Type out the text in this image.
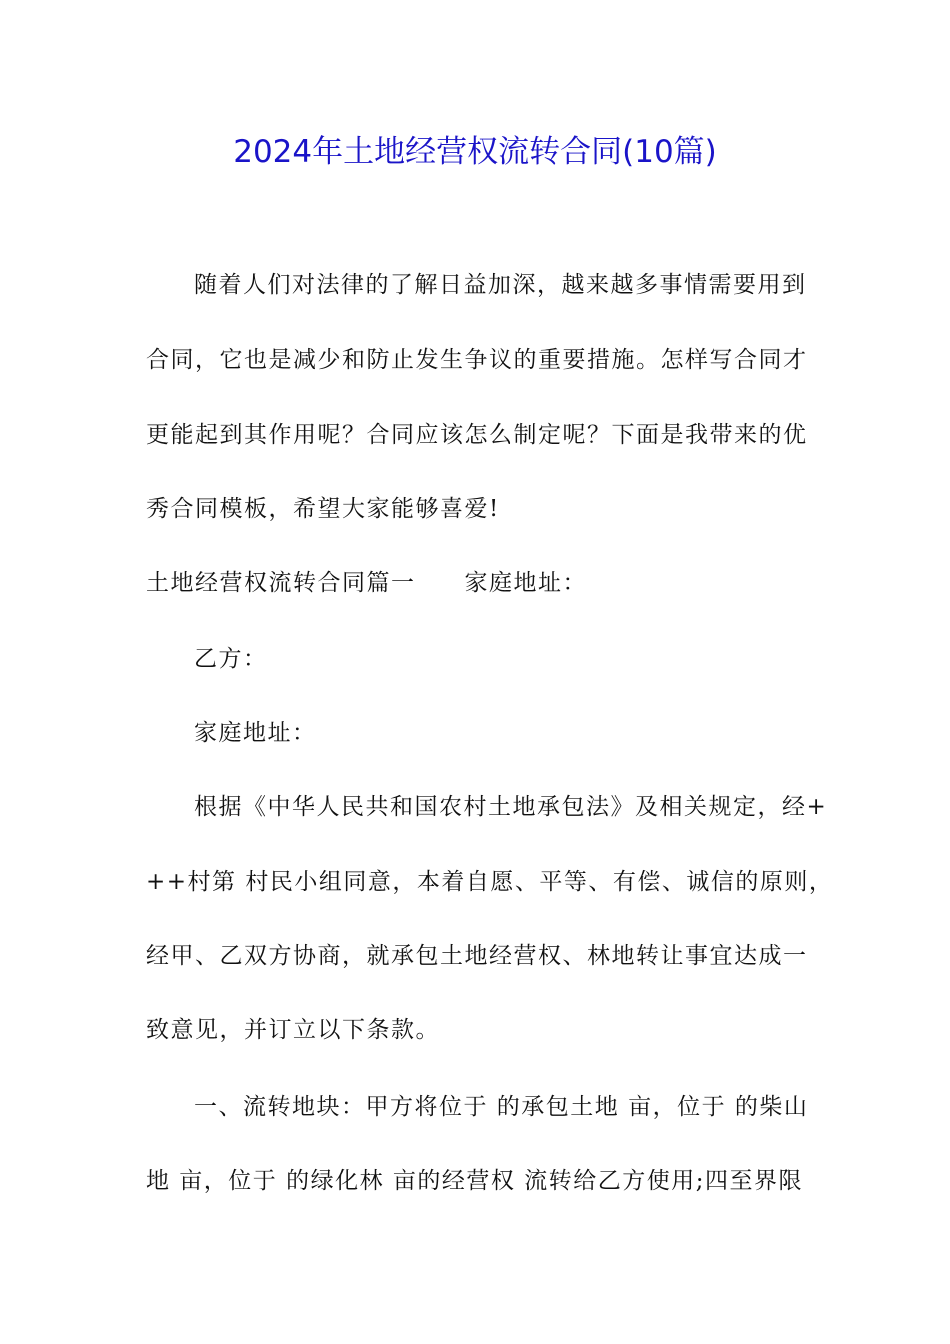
2024年土地经营权流转合同(10篇)
随着人们对法律的了解日益加深，越来越多事情需要用到
合同，它也是减少和防止发生争议的重要措施。怎样写合同才
更能起到其作用呢？合同应该怎么制定呢？下面是我带来的优
秀合同模板，希望大家能够喜爱!
土地经营权流转合同篇一　　家庭地址：
乙方：
家庭地址：
根据《中华人民共和国农村土地承包法》及相关规定，经+
++村第 村民小组同意，本着自愿、平等、有偿、诚信的原则，
经甲、乙双方协商，就承包土地经营权、林地转让事宜达成一
致意见，并订立以下条款。
一、流转地块：甲方将位于 的承包土地 亩，位于 的柴山
地 亩，位于 的绿化林 亩的经营权 流转给乙方使用;四至界限
